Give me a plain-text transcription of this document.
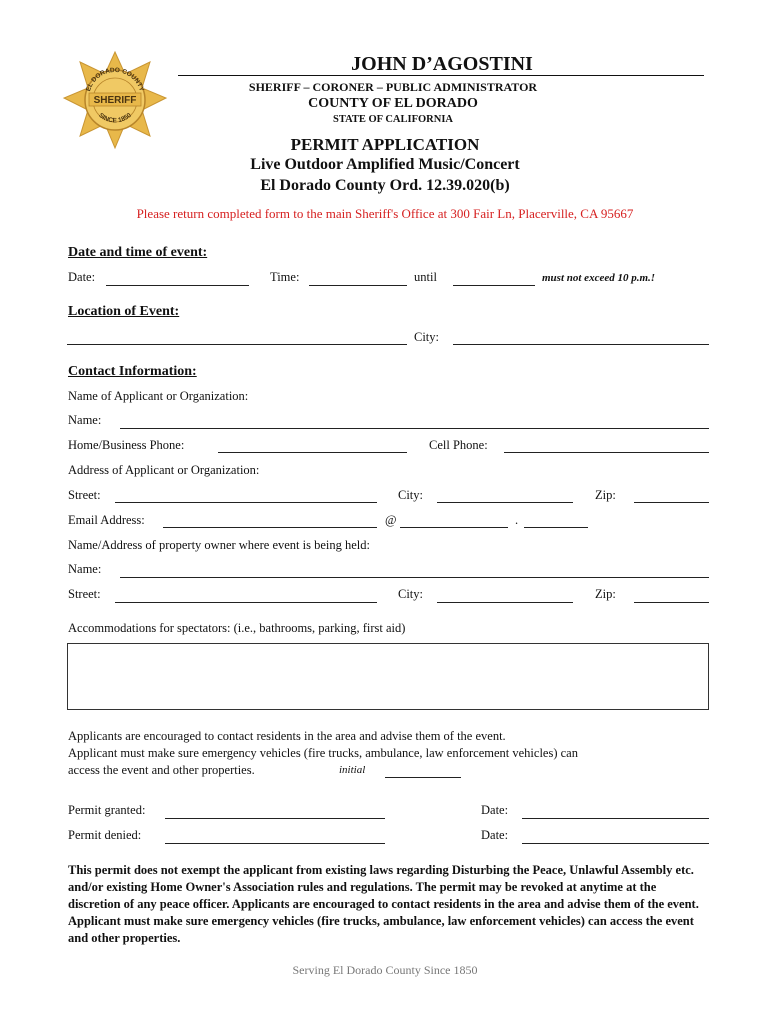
SHERIFF
EL DORADO COUNTY
SINCE 1850
JOHN D’AGOSTINI
SHERIFF – CORONER – PUBLIC ADMINISTRATOR
COUNTY OF EL DORADO
STATE OF CALIFORNIA
PERMIT APPLICATION
Live Outdoor Amplified Music/Concert
El Dorado County Ord. 12.39.020(b)
Please return completed form to the main Sheriff's Office at 300 Fair Ln, Placerville, CA 95667
Date and time of event:
Date:	Time:	until	must not exceed 10 p.m.!
Location of Event:
City:
Contact Information:
Name of Applicant or Organization:
Name:
Home/Business Phone:	Cell Phone:
Address of Applicant or Organization:
Street:	City:	Zip:
Email Address:	@	.
Name/Address of property owner where event is being held:
Name:
Street:	City:	Zip:
Accommodations for spectators: (i.e., bathrooms, parking, first aid)
Applicants are encouraged to contact residents in the area and advise them of the event.
Applicant must make sure emergency vehicles (fire trucks, ambulance, law enforcement vehicles) can
access the event and other properties.	initial
Permit granted:	Date:
Permit denied:	Date:
This permit does not exempt the applicant from existing laws regarding Disturbing the Peace, Unlawful Assembly etc. and/or existing Home Owner's Association rules and regulations. The permit may be revoked at anytime at the discretion of any peace officer. Applicants are encouraged to contact residents in the area and advise them of the event. Applicant must make sure emergency vehicles (fire trucks, ambulance, law enforcement vehicles) can access the event and other properties.
Serving El Dorado County Since 1850
